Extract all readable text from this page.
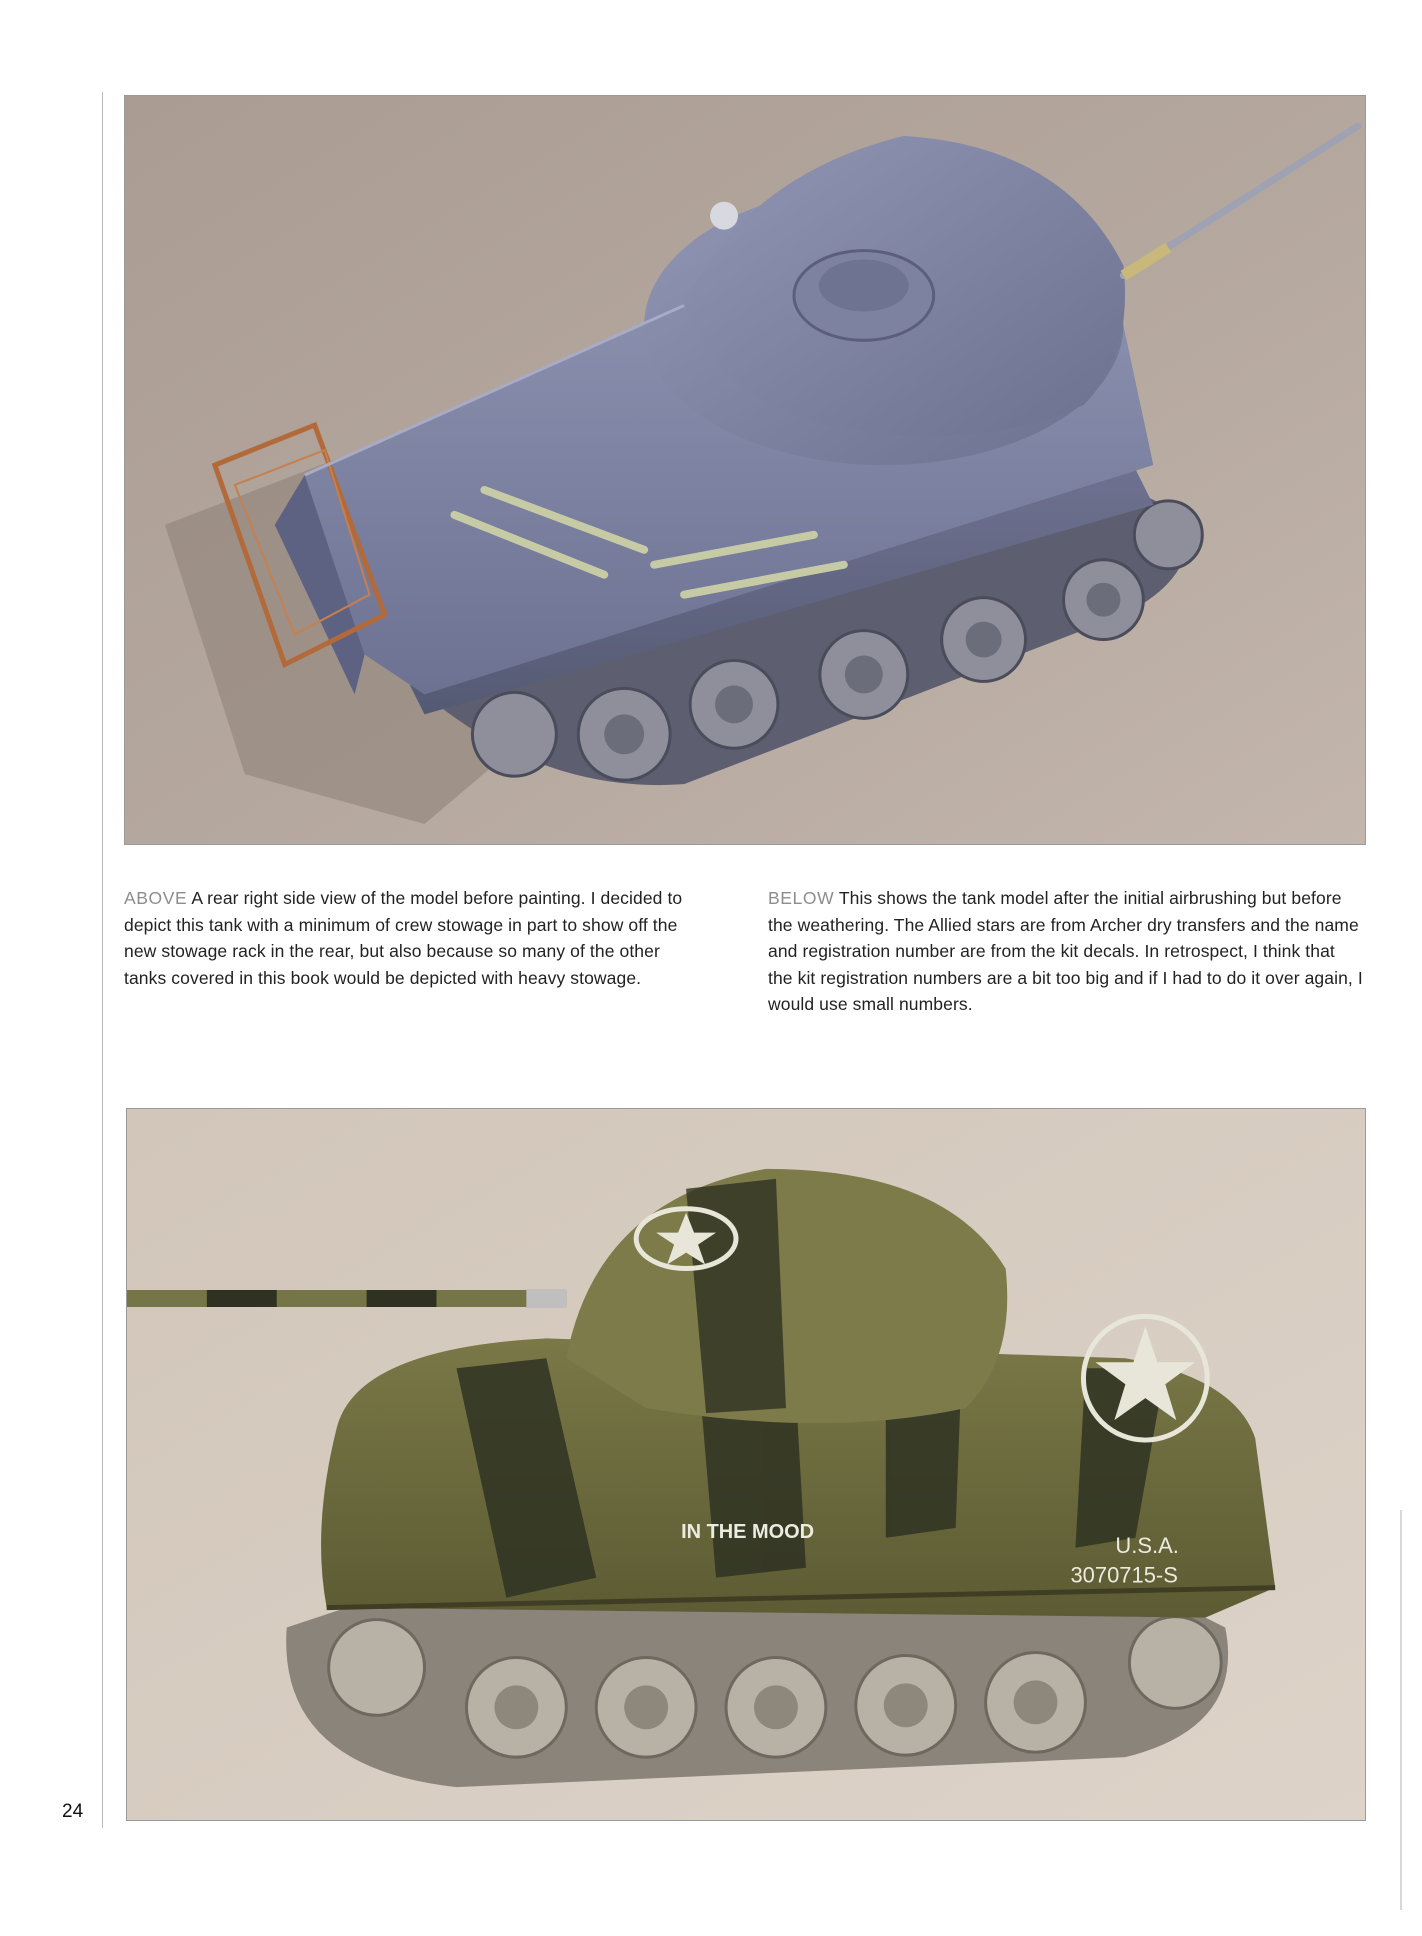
ABOVE A rear right side view of the model before painting. I decided to depict this tank with a minimum of crew stowage in part to show off the new stowage rack in the rear, but also because so many of the other tanks covered in this book would be depicted with heavy stowage.

BELOW This shows the tank model after the initial airbrushing but before the weathering. The Allied stars are from Archer dry transfers and the name and registration number are from the kit decals. In retrospect, I think that the kit registration numbers are a bit too big and if I had to do it over again, I would use small numbers.

IN THE MOOD
U.S.A.
3070715-S
24
